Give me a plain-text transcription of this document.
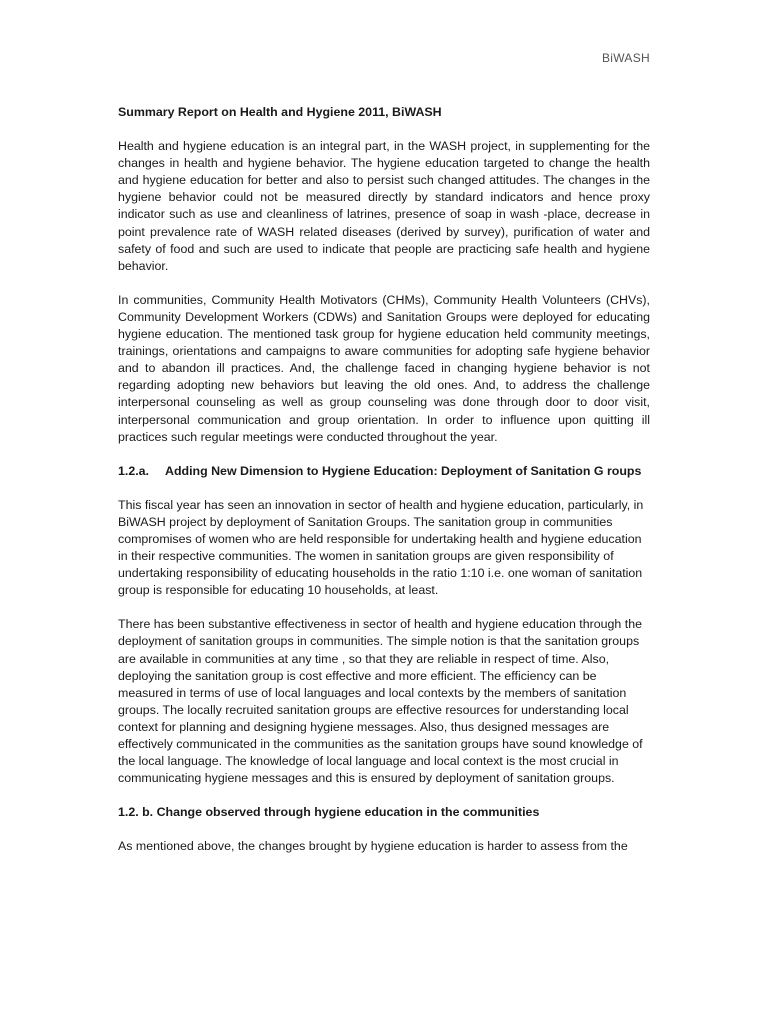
BiWASH
Summary Report on Health and Hygiene 2011, BiWASH

Health and hygiene education is an integral part, in the WASH project, in supplementing for the changes in health and hygiene behavior. The hygiene education targeted to change the health and hygiene education for better and also to persist such changed attitudes. The changes in the hygiene behavior could not be measured directly by standard indicators and hence proxy indicator such as use and cleanliness of latrines, presence of soap in wash -place, decrease in point prevalence rate of WASH related diseases (derived by survey), purification of water and safety of food and such are used to indicate that people are practicing safe health and hygiene behavior.

In communities, Community Health Motivators (CHMs), Community Health Volunteers (CHVs), Community Development Workers (CDWs) and Sanitation Groups were deployed for educating hygiene education. The mentioned task group for hygiene education held community meetings, trainings, orientations and campaigns to aware communities for adopting safe hygiene behavior and to abandon ill practices. And, the challenge faced in changing hygiene behavior is not regarding adopting new behaviors but leaving the old ones. And, to address the challenge interpersonal counseling as well as group counseling was done through door to door visit, interpersonal communication and group orientation. In order to influence upon quitting ill practices such regular meetings were conducted throughout the year.

1.2.a. Adding New Dimension to Hygiene Education: Deployment of Sanitation G roups

This fiscal year has seen an innovation in sector of health and hygiene education, particularly, in BiWASH project by deployment of Sanitation Groups. The sanitation group in communities compromises of women who are held responsible for undertaking health and hygiene education in their respective communities. The women in sanitation groups are given responsibility of undertaking responsibility of educating households in the ratio 1:10 i.e. one woman of sanitation group is responsible for educating 10 households, at least.

There has been substantive effectiveness in sector of health and hygiene education through the deployment of sanitation groups in communities. The simple notion is that the sanitation groups are available in communities at any time , so that they are reliable in respect of time. Also, deploying the sanitation group is cost effective and more efficient. The efficiency can be measured in terms of use of local languages and local contexts by the members of sanitation groups. The locally recruited sanitation groups are effective resources for understanding local context for planning and designing hygiene messages. Also, thus designed messages are effectively communicated in the communities as the sanitation groups have sound knowledge of the local language. The knowledge of local language and local context is the most crucial in communicating hygiene messages and this is ensured by deployment of sanitation groups.

1.2. b. Change observed through hygiene education in the communities

As mentioned above, the changes brought by hygiene education is harder to assess from the
